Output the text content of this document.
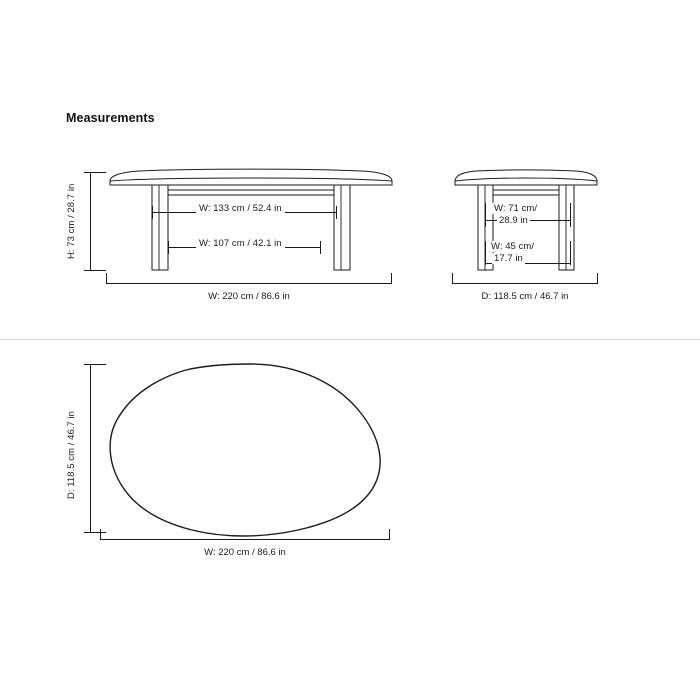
Measurements
H: 73 cm / 28.7 in	W: 133 cm / 52.4 in
W: 107 cm / 42.1 in
W: 220 cm / 86.6 in
W: 71 cm/
28.9 in
W: 45 cm/
17.7 in
D: 118.5 cm / 46.7 in
D: 118.5 cm / 46.7 in
W: 220 cm / 86.6 in
